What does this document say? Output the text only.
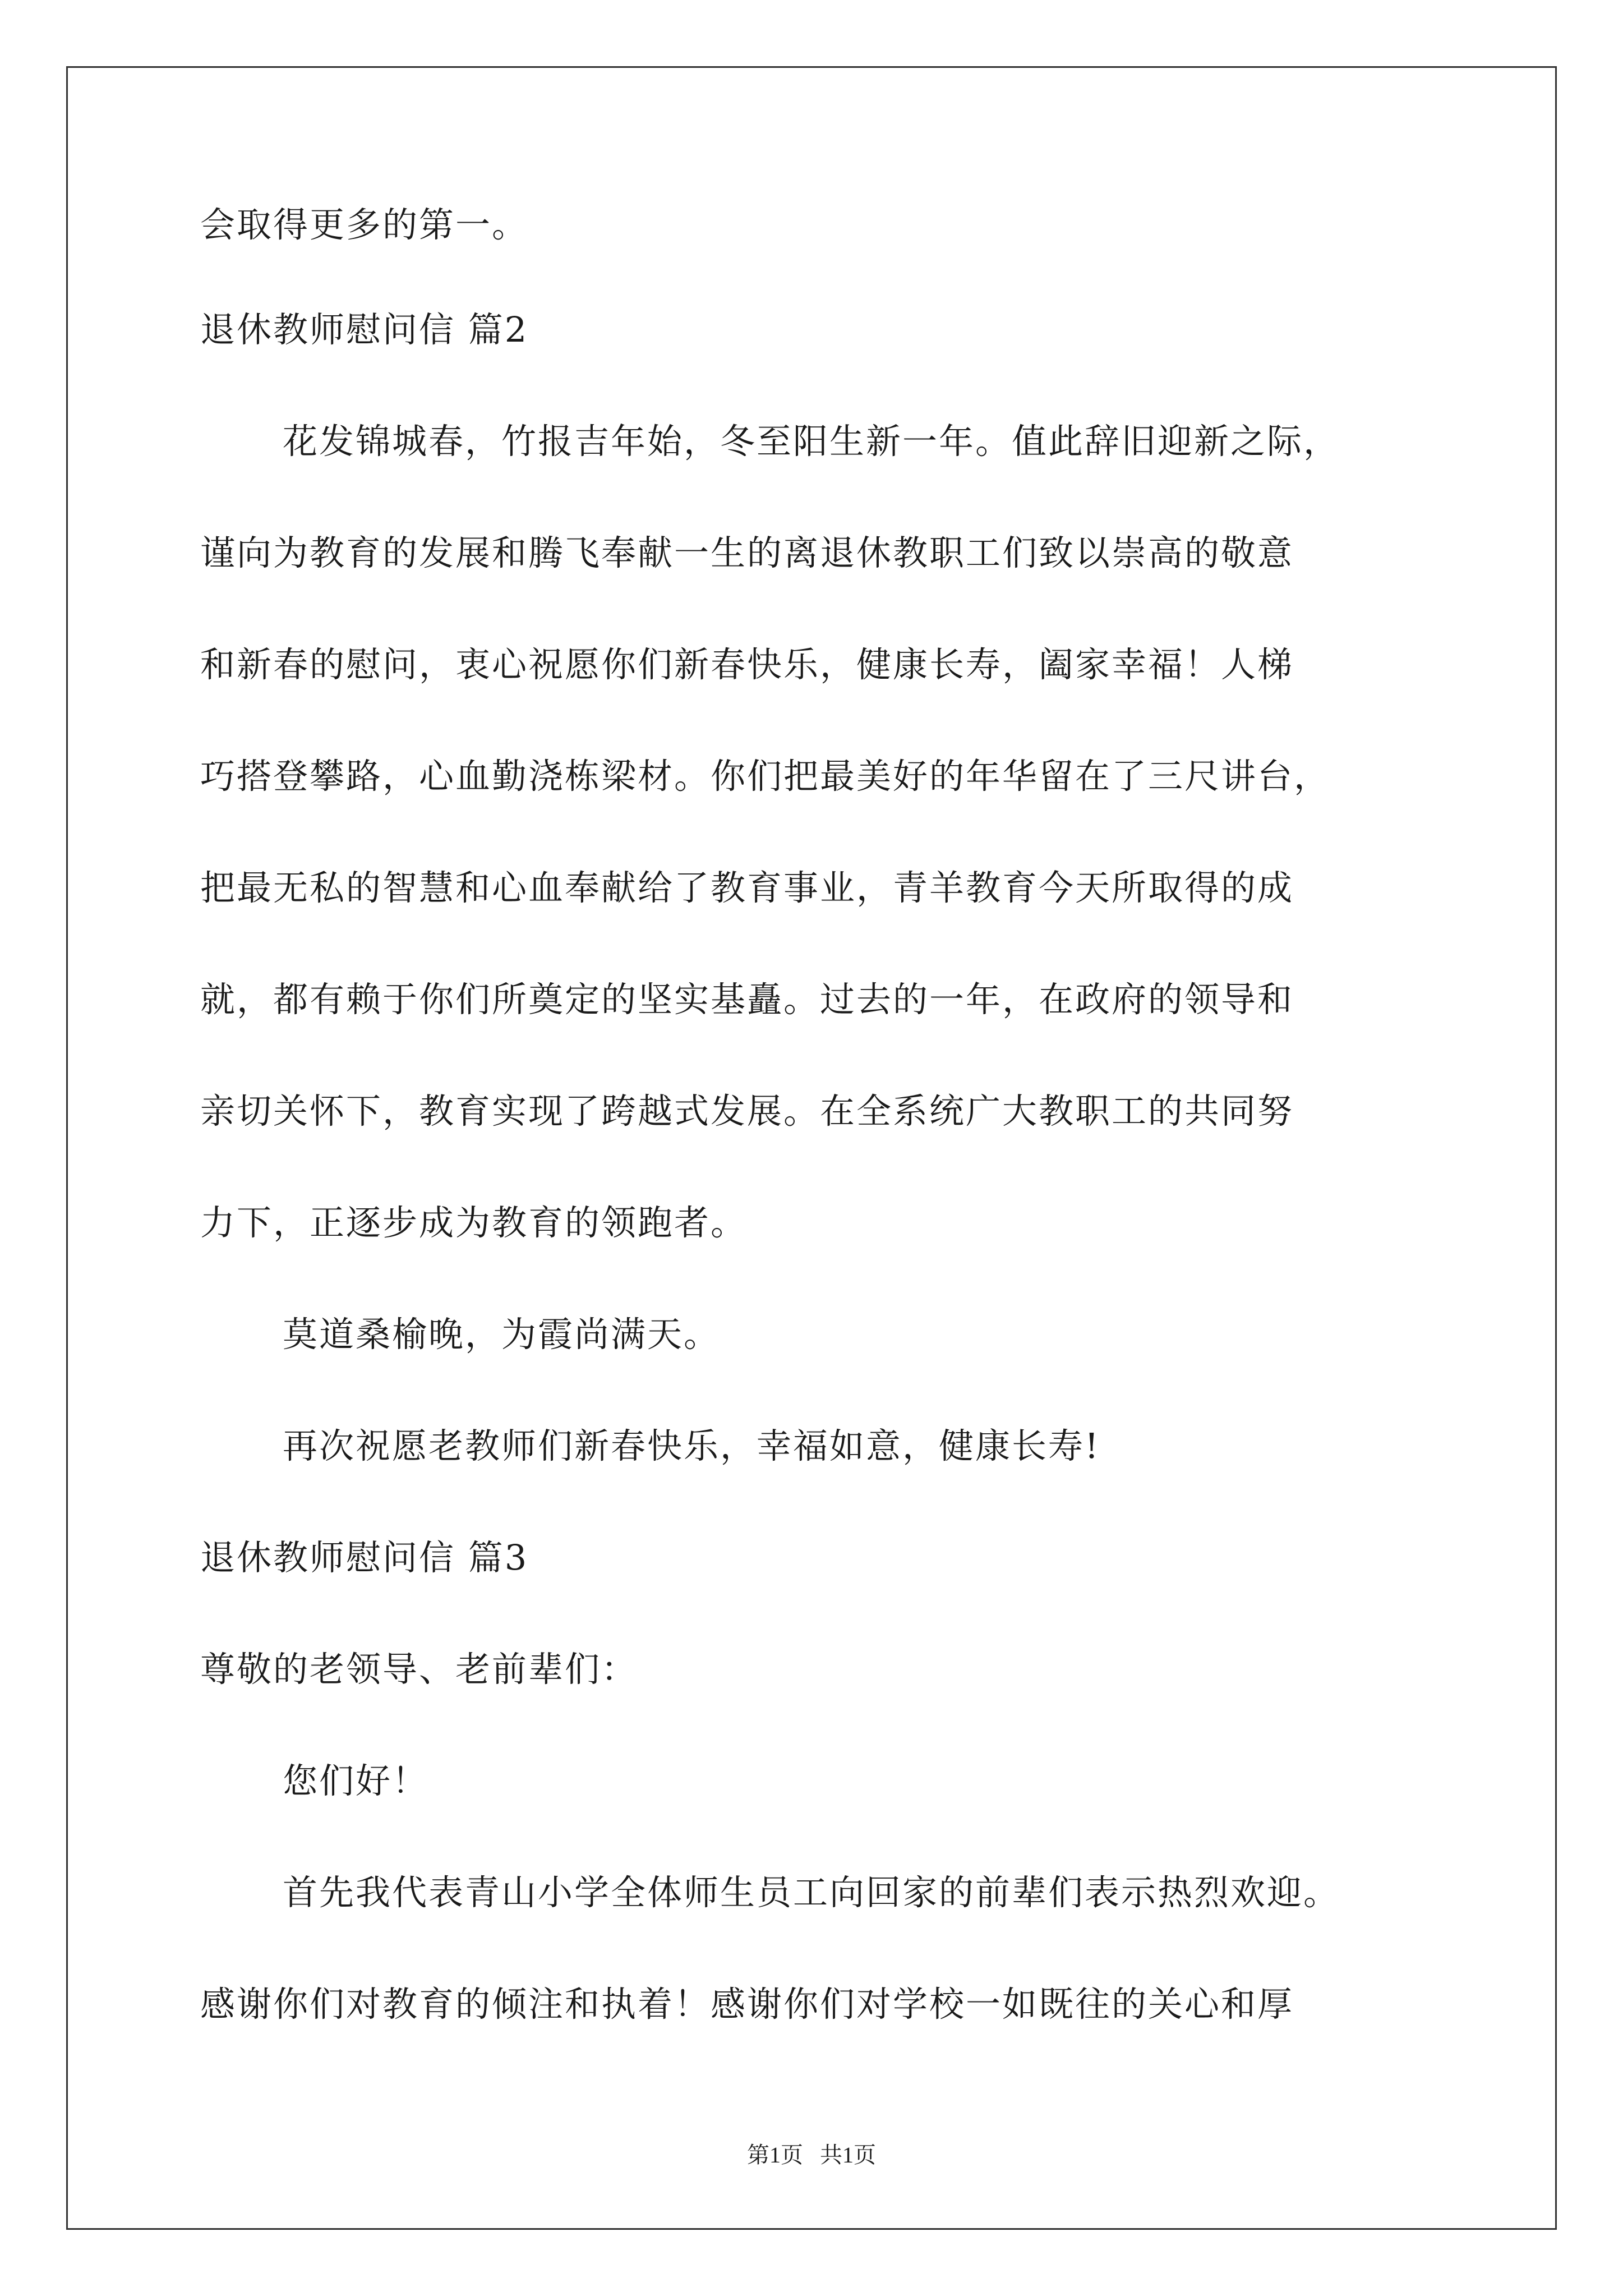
会取得更多的第一。
退休教师慰问信 篇2
花发锦城春，竹报吉年始，冬至阳生新一年。值此辞旧迎新之际，
谨向为教育的发展和腾飞奉献一生的离退休教职工们致以崇高的敬意
和新春的慰问，衷心祝愿你们新春快乐，健康长寿，阖家幸福！人梯
巧搭登攀路，心血勤浇栋梁材。你们把最美好的年华留在了三尺讲台，
把最无私的智慧和心血奉献给了教育事业，青羊教育今天所取得的成
就，都有赖于你们所奠定的坚实基矗。过去的一年，在政府的领导和
亲切关怀下，教育实现了跨越式发展。在全系统广大教职工的共同努
力下，正逐步成为教育的领跑者。
莫道桑榆晚，为霞尚满天。
再次祝愿老教师们新春快乐，幸福如意，健康长寿!
退休教师慰问信 篇3
尊敬的老领导、老前辈们：
您们好！
首先我代表青山小学全体师生员工向回家的前辈们表示热烈欢迎。
感谢你们对教育的倾注和执着！感谢你们对学校一如既往的关心和厚
第1页   共1页
